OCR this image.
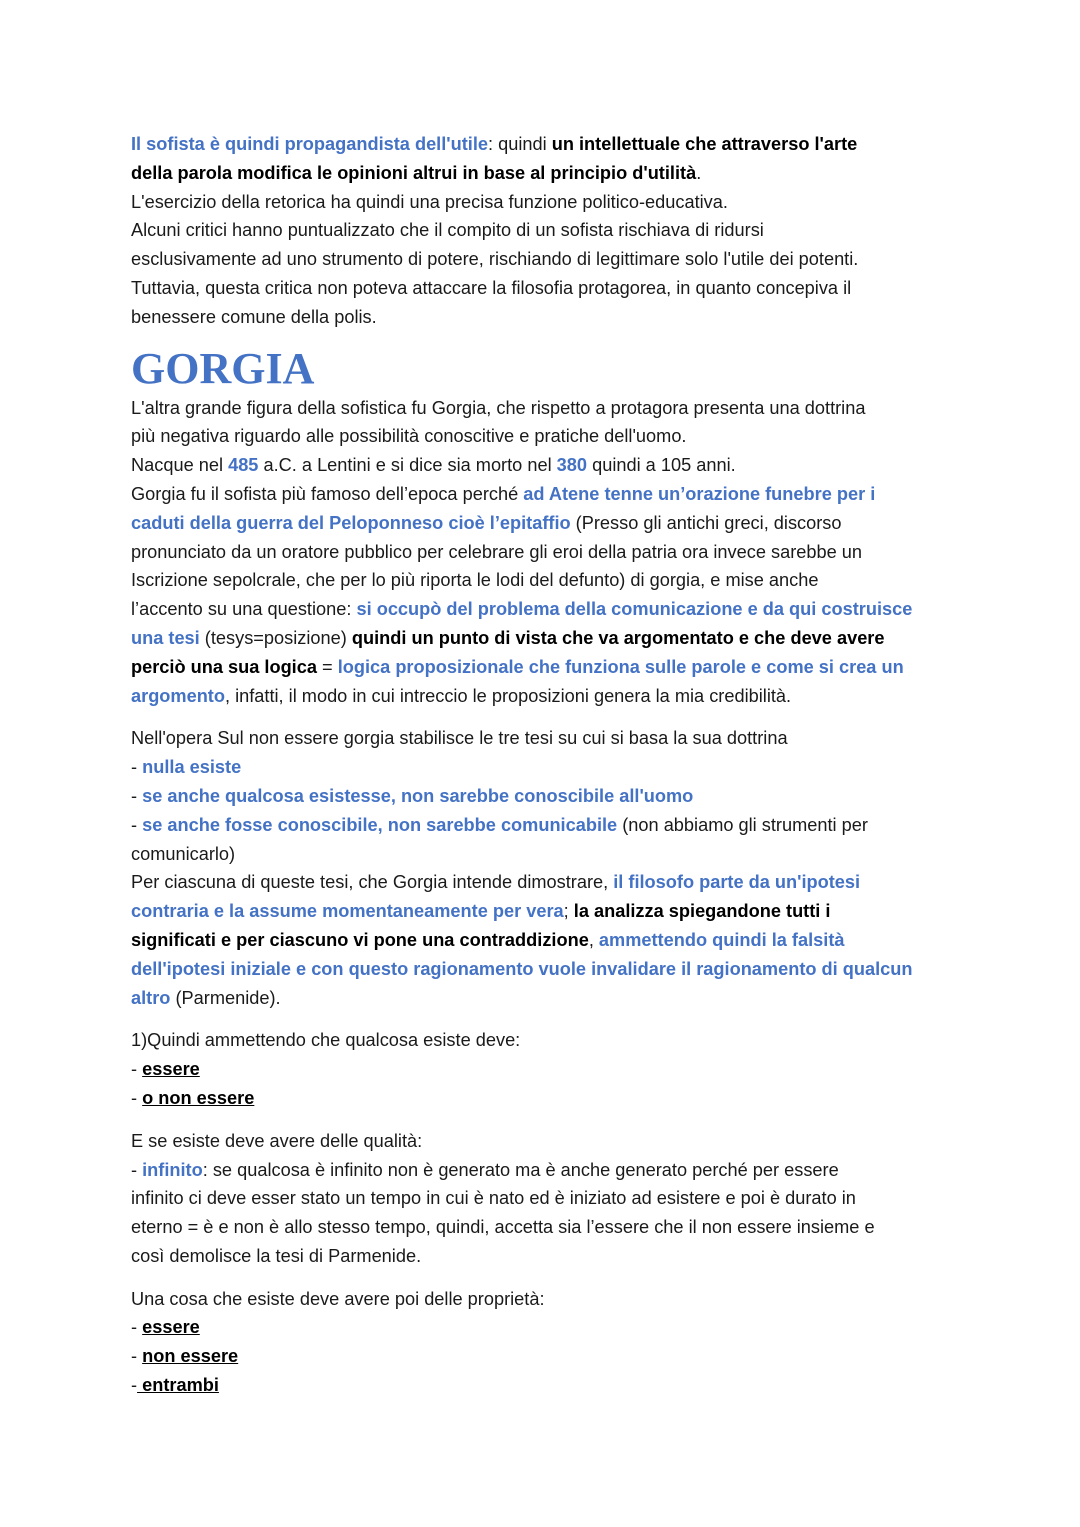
Il sofista è quindi propagandista dell'utile: quindi un intellettuale che attraverso l'arte
della parola modifica le opinioni altrui in base al principio d'utilità.
L'esercizio della retorica ha quindi una precisa funzione politico-educativa.
Alcuni critici hanno puntualizzato che il compito di un sofista rischiava di ridursi
esclusivamente ad uno strumento di potere, rischiando di legittimare solo l'utile dei potenti.
Tuttavia, questa critica non poteva attaccare la filosofia protagorea, in quanto concepiva il
benessere comune della polis.
GORGIA
L'altra grande figura della sofistica fu Gorgia, che rispetto a protagora presenta una dottrina
più negativa riguardo alle possibilità conoscitive e pratiche dell'uomo.
Nacque nel 485 a.C. a Lentini e si dice sia morto nel 380 quindi a 105 anni.
Gorgia fu il sofista più famoso dell’epoca perché ad Atene tenne un’orazione funebre per i
caduti della guerra del Peloponneso cioè l’epitaffio (Presso gli antichi greci, discorso
pronunciato da un oratore pubblico per celebrare gli eroi della patria ora invece sarebbe un
Iscrizione sepolcrale, che per lo più riporta le lodi del defunto) di gorgia, e mise anche
l’accento su una questione: si occupò del problema della comunicazione e da qui costruisce
una tesi (tesys=posizione) quindi un punto di vista che va argomentato e che deve avere
perciò una sua logica = logica proposizionale che funziona sulle parole e come si crea un
argomento, infatti, il modo in cui intreccio le proposizioni genera la mia credibilità.
Nell'opera Sul non essere gorgia stabilisce le tre tesi su cui si basa la sua dottrina
- nulla esiste
- se anche qualcosa esistesse, non sarebbe conoscibile all'uomo
- se anche fosse conoscibile, non sarebbe comunicabile (non abbiamo gli strumenti per
comunicarlo)
Per ciascuna di queste tesi, che Gorgia intende dimostrare, il filosofo parte da un'ipotesi
contraria e la assume momentaneamente per vera; la analizza spiegandone tutti i
significati e per ciascuno vi pone una contraddizione, ammettendo quindi la falsità
dell'ipotesi iniziale e con questo ragionamento vuole invalidare il ragionamento di qualcun
altro (Parmenide).
1)Quindi ammettendo che qualcosa esiste deve:
- essere
- o non essere
E se esiste deve avere delle qualità:
- infinito: se qualcosa è infinito non è generato ma è anche generato perché per essere
infinito ci deve esser stato un tempo in cui è nato ed è iniziato ad esistere e poi è durato in
eterno = è e non è allo stesso tempo, quindi, accetta sia l’essere che il non essere insieme e
così demolisce la tesi di Parmenide.
Una cosa che esiste deve avere poi delle proprietà:
- essere
- non essere
- entrambi
